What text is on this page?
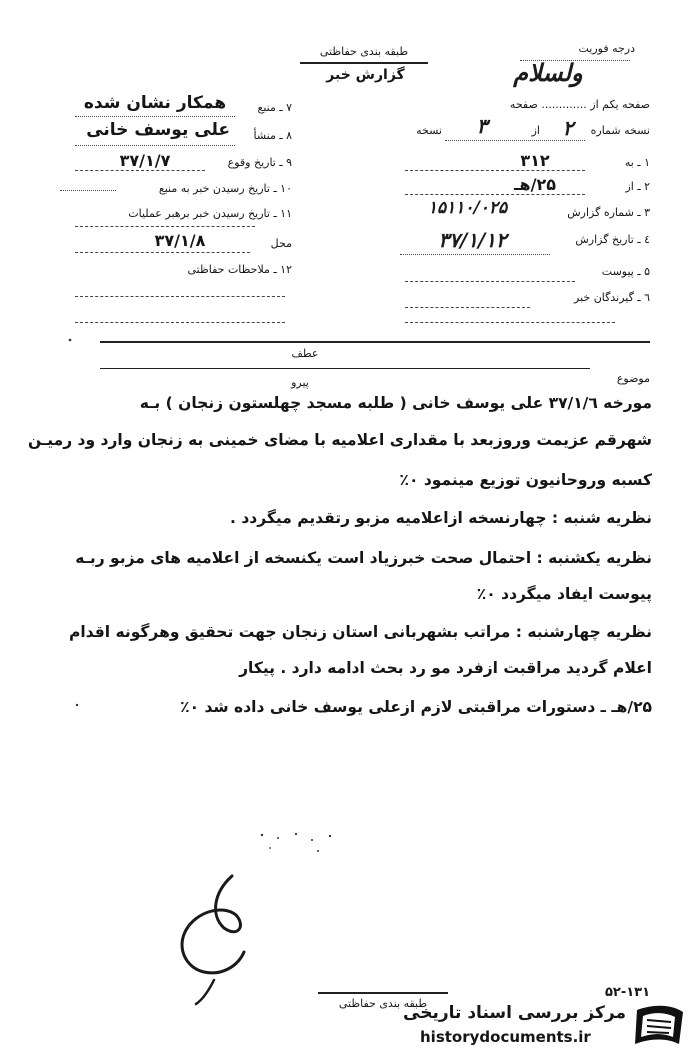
طبقه بندی حفاظتی
گزارش خبر
درجه فوریت
ولسلام
صفحه یکم از ............. صفحه
نسخه شماره
۲
از
۳
نسخه
۱ ـ به
۳۱۲
۲ ـ از
۲۵/هـ
۳ ـ شماره گزارش
۱۵۱۱۰/۰۲۵
٤ ـ تاریخ گزارش
۳۷/۱/۱۲
۵ ـ پیوست
٦ ـ گیرندگان خبر
۷ ـ منبع
همکار نشان شده
۸ ـ منشأ
علی یوسف خانی
۹ ـ تاریخ وقوع
۳۷/۱/۷
۱۰ ـ تاریخ رسیدن خبر به منبع
۱۱ ـ تاریخ رسیدن خبر برهبر عملیات
محل
۳۷/۱/۸
۱۲ ـ ملاحظات حفاظتی
عطف
پیرو	موضوع
مورخه ۳۷/۱/٦ علی یوسف خانی ( طلبه مسجد چهلستون زنجان ) بـه
شهرقم عزیمت وروزبعد با مقداری اعلامیه با مضای خمینی به زنجان وارد ود رمیـن
کسبه وروحانیون توزیع مینمود ۰٪
نظریه شنبه : چهارنسخه ازاعلامیه مزبو رتقدیم میگردد .
نظریه یکشنبه : احتمال صحت خبرزیاد است یکنسخه از اعلامیه های مزبو ربـه
پیوست ایفاد میگردد ۰٪
نظریه چهارشنبه : مراتب بشهربانی استان زنجان جهت تحقیق وهرگونه اقدام
اعلام گردید مراقبت ازفرد مو رد بحث ادامه دارد . پیکار
۲۵/هـ ـ دستورات مراقبتی لازم ازعلی یوسف خانی داده شد ۰٪
۵۲-۱۳۱
طبقه بندی حفاظتی
مرکز بررسی اسناد تاریخی
historydocuments.ir
